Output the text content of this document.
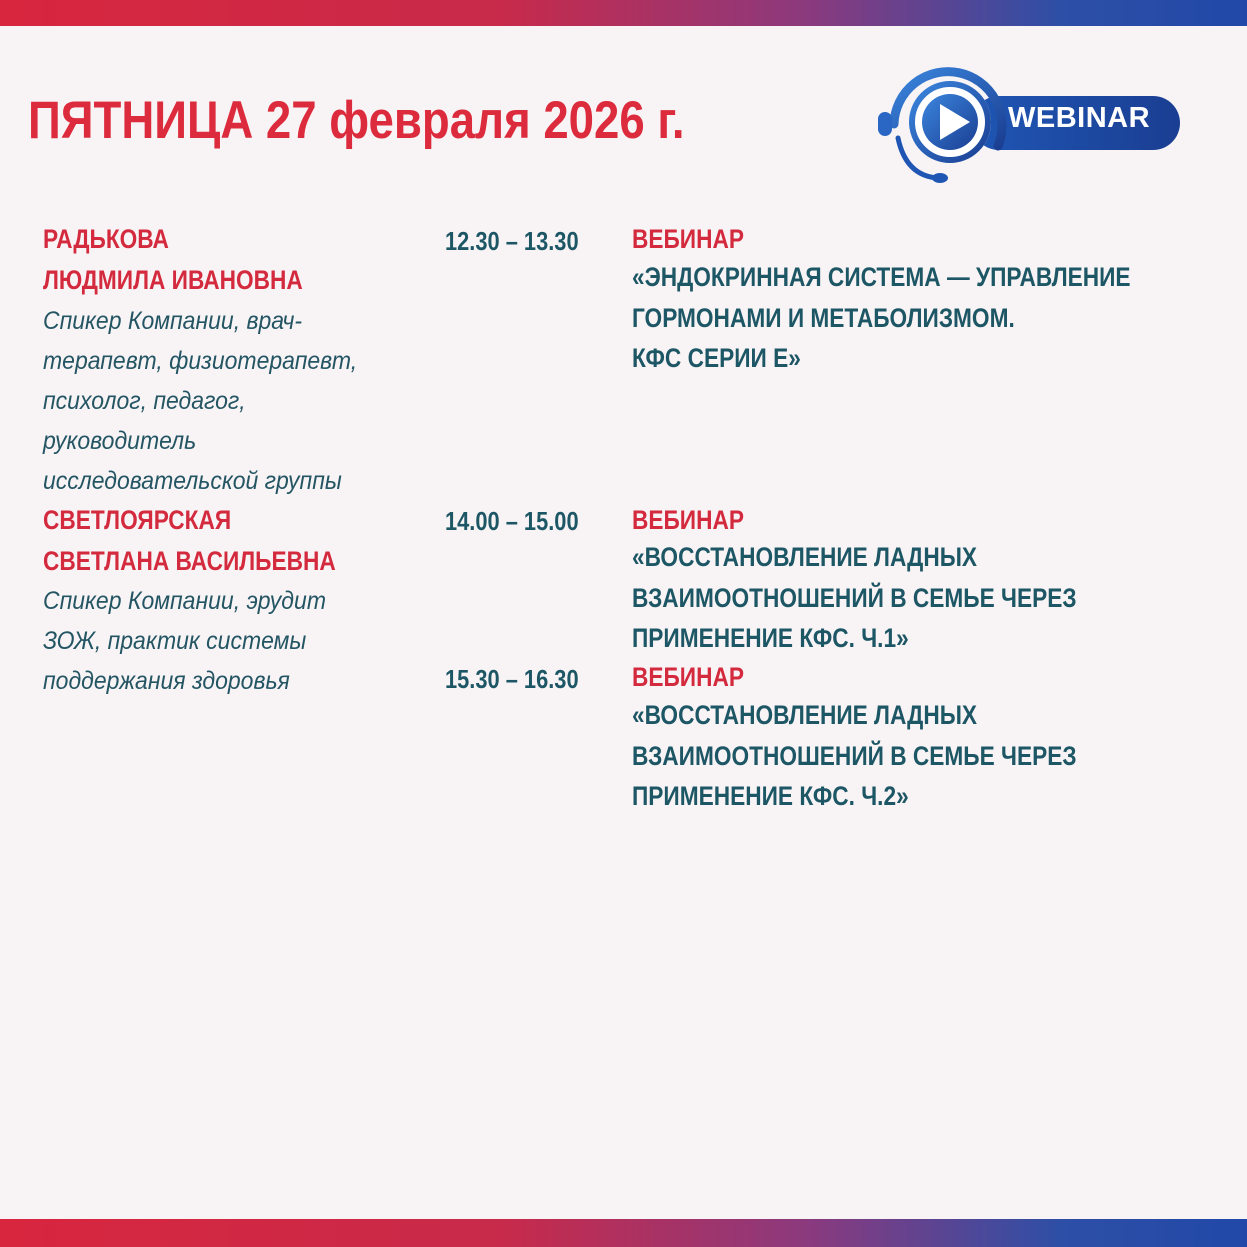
ПЯТНИЦА 27 февраля 2026 г.	WEBINAR
РАДЬКОВА
ЛЮДМИЛА ИВАНОВНА
Спикер Компании, врач-
терапевт, физиотерапевт,
психолог, педагог,
руководитель
исследовательской группы
СВЕТЛОЯРСКАЯ
СВЕТЛАНА ВАСИЛЬЕВНА
Спикер Компании, эрудит
ЗОЖ, практик системы
поддержания здоровья
12.30 – 13.30 ВЕБИНАР
«ЭНДОКРИННАЯ СИСТЕМА — УПРАВЛЕНИЕ
ГОРМОНАМИ И МЕТАБОЛИЗМОМ.
КФС СЕРИИ Е»
14.00 – 15.00 ВЕБИНАР
«ВОССТАНОВЛЕНИЕ ЛАДНЫХ
ВЗАИМООТНОШЕНИЙ В СЕМЬЕ ЧЕРЕЗ
ПРИМЕНЕНИЕ КФС. Ч.1»
15.30 – 16.30 ВЕБИНАР
«ВОССТАНОВЛЕНИЕ ЛАДНЫХ
ВЗАИМООТНОШЕНИЙ В СЕМЬЕ ЧЕРЕЗ
ПРИМЕНЕНИЕ КФС. Ч.2»
